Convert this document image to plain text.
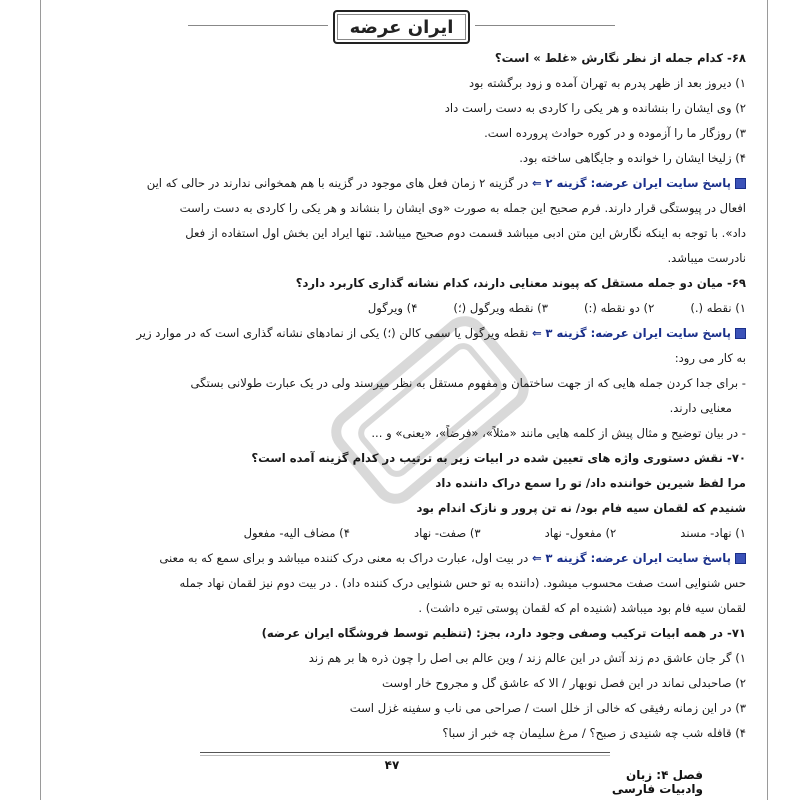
ایران عرضه
۶۸- کدام جمله از نظر نگارش «غلط » است؟
۱) دیروز بعد از ظهر پدرم به تهران آمده و زود برگشته بود
۲) وی ایشان را بنشانده و هر یکی را کاردی به دست راست داد
۳) روزگار ما را آزموده و در کوره حوادث پرورده است.
۴) زلیخا ایشان را خوانده و جایگاهی ساخته بود.
پاسخ سایت ایران عرضه: گزینه ۲ ⇐ در گزینه ۲ زمان فعل های موجود در گزینه با هم همخوانی ندارند در حالی که این
افعال در پیوستگی قرار دارند. فرم صحیح این جمله به صورت «وی ایشان را بنشاند و هر یکی را کاردی به دست راست
داد». با توجه به اینکه نگارش این متن ادبی میباشد قسمت دوم صحیح میباشد. تنها ایراد این بخش اول استفاده از فعل
نادرست میباشد.
۶۹- میان دو جمله مستقل که پیوند معنایی دارند، کدام نشانه گذاری کاربرد دارد؟
۱) نقطه (.)
۲) دو نقطه (:)
۳) نقطه ویرگول (؛)
۴) ویرگول
پاسخ سایت ایران عرضه: گزینه ۳ ⇐ نقطه ویرگول یا سمی کالن (؛) یکی از نمادهای نشانه گذاری است که در موارد زیر
به کار می رود:
- برای جدا کردن جمله هایی که از جهت ساختمان و مفهوم مستقل به نظر میرسند ولی در یک عبارت طولانی بستگی
معنایی دارند.
- در بیان توضیح و مثال پیش از کلمه هایی مانند «مثلاً»، «فرضاً»، «یعنی» و ...
۷۰- نقش دستوری واژه های تعیین شده در ابیات زیر به ترتیب در کدام گزینه آمده است؟
مرا لفظ شیرین خواننده داد/ تو را سمع دراک داننده داد
شنیدم که لقمان سیه فام بود/ نه تن پرور و نازک اندام بود
۱) نهاد- مسند
۲) مفعول- نهاد
۳) صفت- نهاد
۴) مضاف الیه- مفعول
پاسخ سایت ایران عرضه: گزینه ۳ ⇐ در بیت اول، عبارت دراک به معنی درک کننده میباشد و برای سمع که به معنی
حس شنوایی است صفت محسوب میشود. (داننده به تو حس شنوایی درک کننده داد) . در بیت دوم نیز لقمان نهاد جمله
لقمان سیه فام بود میباشد (شنیده ام که لقمان پوستی تیره داشت) .
۷۱- در همه ابیات ترکیب وصفی وجود دارد، بجز: (تنظیم توسط فروشگاه ایران عرضه)
۱) گر جان عاشق دم زند آتش در این عالم زند / وین عالم بی اصل را چون ذره ها بر هم زند
۲) صاحبدلی نماند در این فصل نوبهار / الا که عاشق گل و مجروح خار اوست
۳) در این زمانه رفیقی که خالی از خلل است / صراحی می ناب و سفینه غزل است
۴) قافله شب چه شنیدی ز صبح؟ / مرغ سلیمان چه خبر از سبا؟
۴۷
فصل ۴: زبان وادبیات فارسی
